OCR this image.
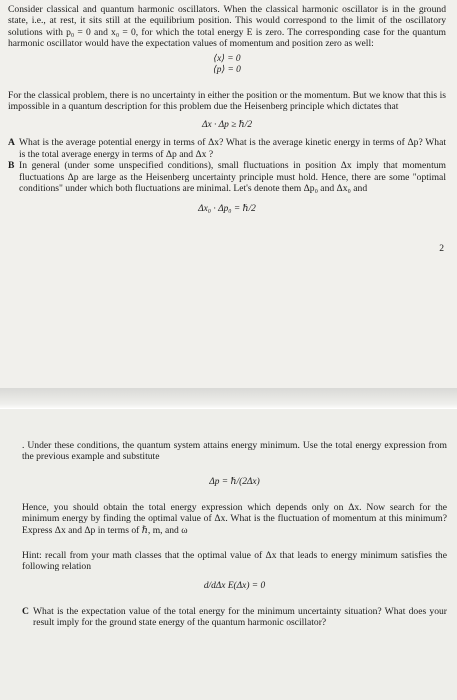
Consider classical and quantum harmonic oscillators. When the classical harmonic oscillator is in the ground state, i.e., at rest, it sits still at the equilibrium position. This would correspond to the limit of the oscillatory solutions with p₀ = 0 and x₀ = 0, for which the total energy E is zero. The corresponding case for the quantum harmonic oscillator would have the expectation values of momentum and position zero as well:

⟨x⟩ = 0
⟨p⟩ = 0

For the classical problem, there is no uncertainty in either the position or the momentum. But we know that this is impossible in a quantum description for this problem due the Heisenberg principle which dictates that

Δx · Δp ≥ ℏ/2
A What is the average potential energy in terms of Δx? What is the average kinetic energy in terms of Δp? What is the total average energy in terms of Δp and Δx ?
B In general (under some unspecified conditions), small fluctuations in position Δx imply that momentum fluctuations Δp are large as the Heisenberg uncertainty principle must hold. Hence, there are some "optimal conditions" under which both fluctuations are minimal. Let's denote them Δp₀ and Δx₀ and
Δx₀ · Δp₀ = ℏ/2
2

. Under these conditions, the quantum system attains energy minimum. Use the total energy expression from the previous example and substitute

Δp = ℏ/(2Δx)

Hence, you should obtain the total energy expression which depends only on Δx. Now search for the minimum energy by finding the optimal value of Δx. What is the fluctuation of momentum at this minimum? Express Δx and Δp in terms of ℏ, m, and ω

Hint: recall from your math classes that the optimal value of Δx that leads to energy minimum satisfies the following relation

d/dΔx E(Δx) = 0
C What is the expectation value of the total energy for the minimum uncertainty situation? What does your result imply for the ground state energy of the quantum harmonic oscillator?
